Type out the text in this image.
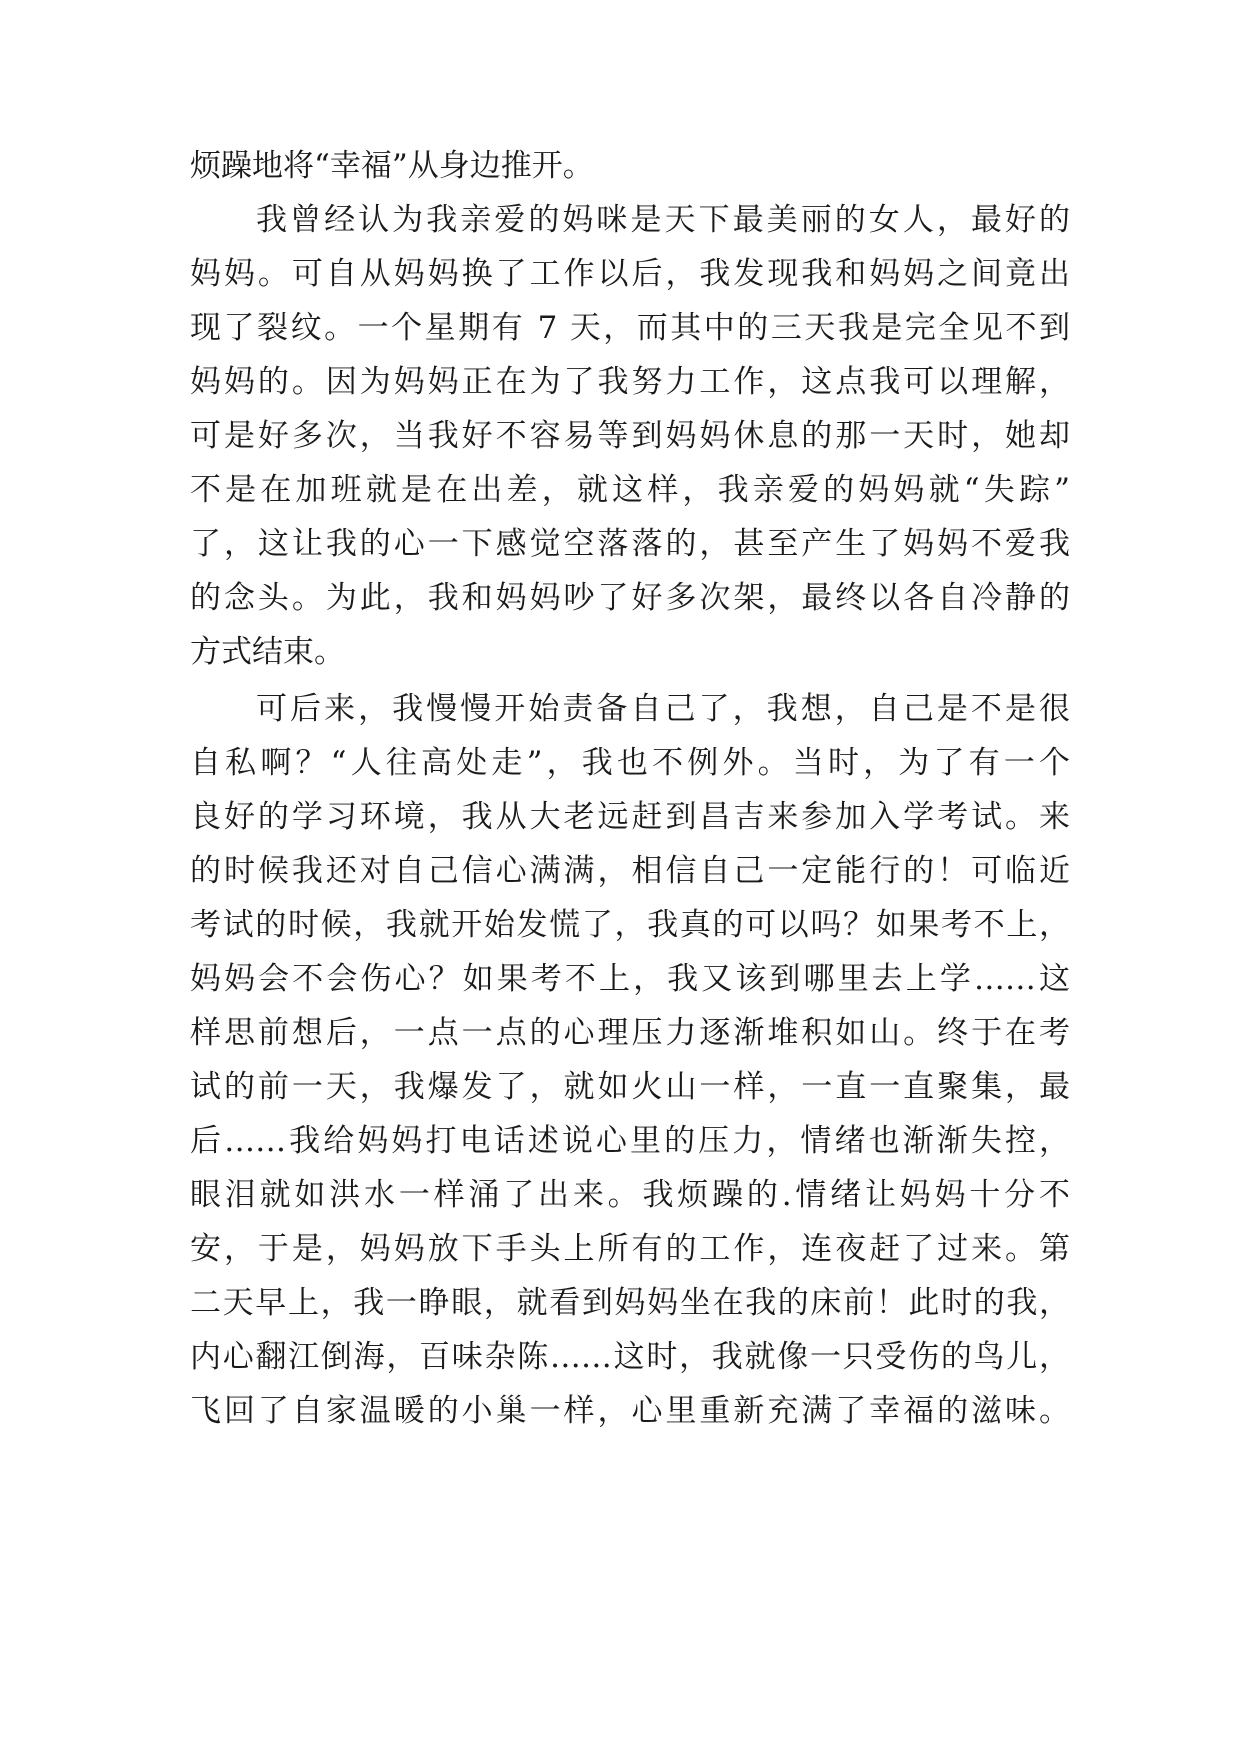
烦躁地将“幸福”从身边推开。
我曾经认为我亲爱的妈咪是天下最美丽的女人，最好的
妈妈。可自从妈妈换了工作以后，我发现我和妈妈之间竟出
现了裂纹。一个星期有 7 天，而其中的三天我是完全见不到
妈妈的。因为妈妈正在为了我努力工作，这点我可以理解，
可是好多次，当我好不容易等到妈妈休息的那一天时，她却
不是在加班就是在出差，就这样，我亲爱的妈妈就“失踪”
了，这让我的心一下感觉空落落的，甚至产生了妈妈不爱我
的念头。为此，我和妈妈吵了好多次架，最终以各自冷静的
方式结束。
可后来，我慢慢开始责备自己了，我想，自己是不是很
自私啊？“人往高处走”，我也不例外。当时，为了有一个
良好的学习环境，我从大老远赶到昌吉来参加入学考试。来
的时候我还对自己信心满满，相信自己一定能行的！可临近
考试的时候，我就开始发慌了，我真的可以吗？如果考不上，
妈妈会不会伤心？如果考不上，我又该到哪里去上学……这
样思前想后，一点一点的心理压力逐渐堆积如山。终于在考
试的前一天，我爆发了，就如火山一样，一直一直聚集，最
后……我给妈妈打电话述说心里的压力，情绪也渐渐失控，
眼泪就如洪水一样涌了出来。我烦躁的.情绪让妈妈十分不
安，于是，妈妈放下手头上所有的工作，连夜赶了过来。第
二天早上，我一睁眼，就看到妈妈坐在我的床前！此时的我，
内心翻江倒海，百味杂陈……这时，我就像一只受伤的鸟儿，
飞回了自家温暖的小巢一样，心里重新充满了幸福的滋味。
